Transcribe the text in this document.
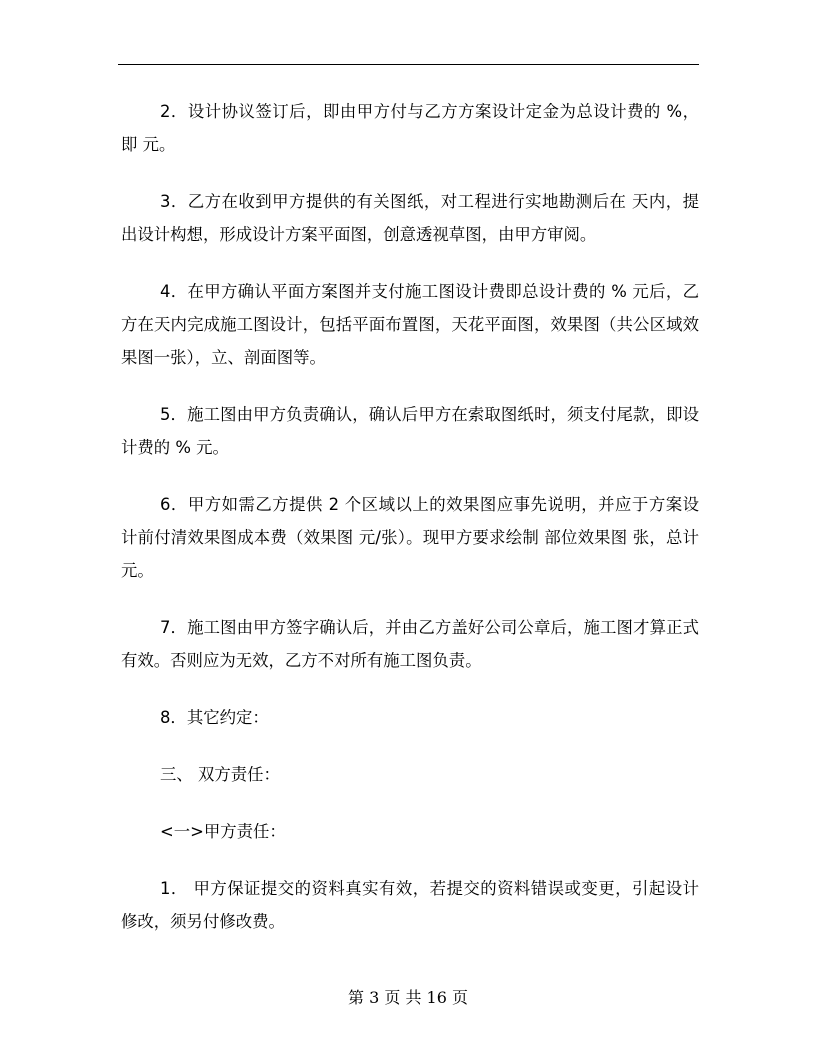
2．设计协议签订后，即由甲方付与乙方方案设计定金为总设计费的 %，即 元。

3．乙方在收到甲方提供的有关图纸，对工程进行实地勘测后在 天内，提出设计构想，形成设计方案平面图，创意透视草图，由甲方审阅。

4．在甲方确认平面方案图并支付施工图设计费即总设计费的 % 元后，乙方在天内完成施工图设计，包括平面布置图，天花平面图，效果图（共公区域效果图一张），立、剖面图等。

5．施工图由甲方负责确认，确认后甲方在索取图纸时，须支付尾款，即设计费的 % 元。

6．甲方如需乙方提供 2 个区域以上的效果图应事先说明，并应于方案设计前付清效果图成本费（效果图 元/张）。现甲方要求绘制 部位效果图 张，总计 元。

7．施工图由甲方签字确认后，并由乙方盖好公司公章后，施工图才算正式有效。否则应为无效，乙方不对所有施工图负责。

8．其它约定：

三、 双方责任：

<一>甲方责任：

1． 甲方保证提交的资料真实有效，若提交的资料错误或变更，引起设计修改，须另付修改费。

第 3 页 共 16 页
